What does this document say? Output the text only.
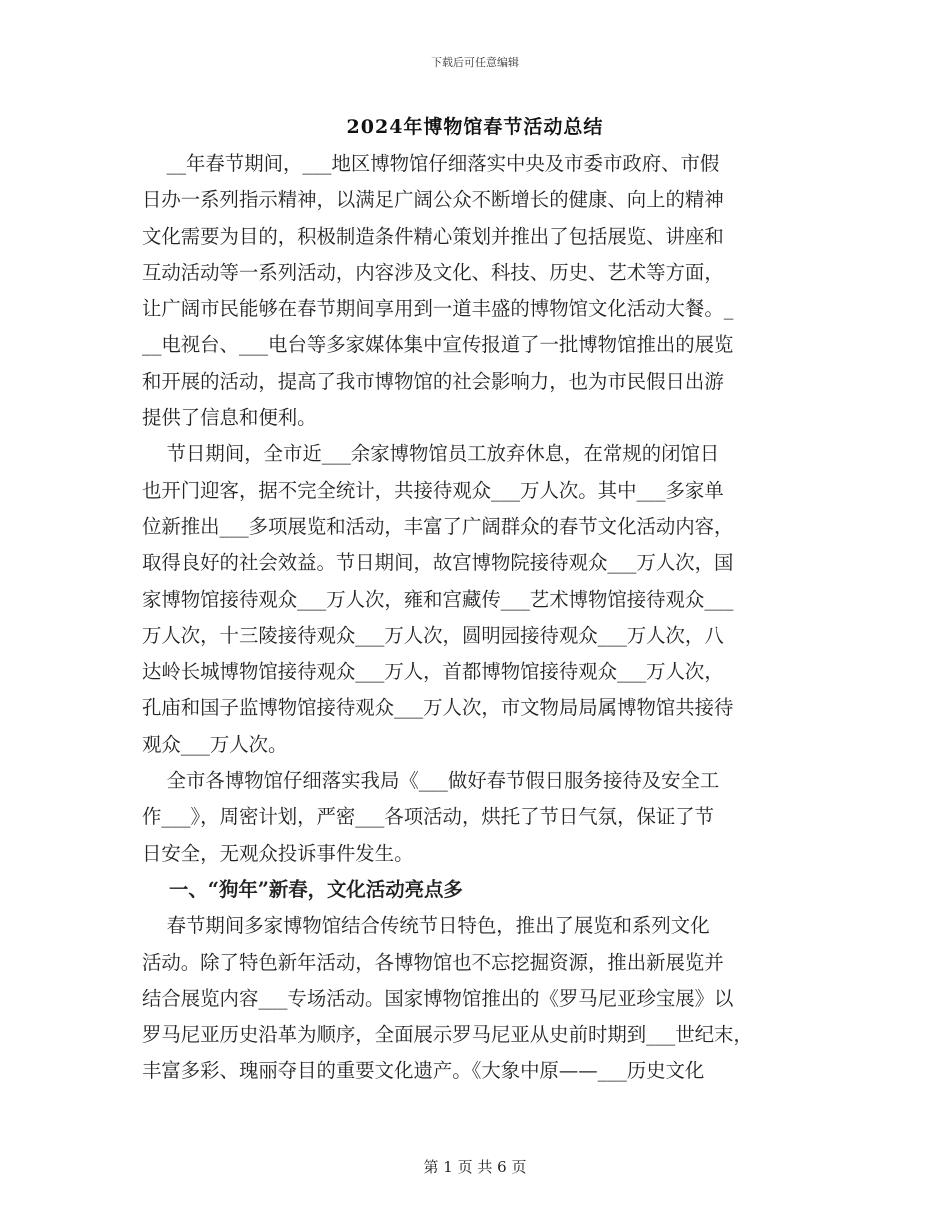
下载后可任意编辑
2024年博物馆春节活动总结
__年春节期间，___地区博物馆仔细落实中央及市委市政府、市假
日办一系列指示精神，以满足广阔公众不断增长的健康、向上的精神
文化需要为目的，积极制造条件精心策划并推出了包括展览、讲座和
互动活动等一系列活动，内容涉及文化、科技、历史、艺术等方面，
让广阔市民能够在春节期间享用到一道丰盛的博物馆文化活动大餐。_
__电视台、___电台等多家媒体集中宣传报道了一批博物馆推出的展览
和开展的活动，提高了我市博物馆的社会影响力，也为市民假日出游
提供了信息和便利。
节日期间，全市近___余家博物馆员工放弃休息，在常规的闭馆日
也开门迎客，据不完全统计，共接待观众___万人次。其中___多家单
位新推出___多项展览和活动，丰富了广阔群众的春节文化活动内容，
取得良好的社会效益。节日期间，故宫博物院接待观众___万人次，国
家博物馆接待观众___万人次，雍和宫藏传___艺术博物馆接待观众___
万人次，十三陵接待观众___万人次，圆明园接待观众___万人次，八
达岭长城博物馆接待观众___万人，首都博物馆接待观众___万人次，
孔庙和国子监博物馆接待观众___万人次，市文物局局属博物馆共接待
观众___万人次。
全市各博物馆仔细落实我局《___做好春节假日服务接待及安全工
作___》，周密计划，严密___各项活动，烘托了节日气氛，保证了节
日安全，无观众投诉事件发生。
一、“狗年”新春，文化活动亮点多
春节期间多家博物馆结合传统节日特色，推出了展览和系列文化
活动。除了特色新年活动，各博物馆也不忘挖掘资源，推出新展览并
结合展览内容___专场活动。国家博物馆推出的《罗马尼亚珍宝展》以
罗马尼亚历史沿革为顺序，全面展示罗马尼亚从史前时期到___世纪末，
丰富多彩、瑰丽夺目的重要文化遗产。《大象中原——___历史文化
第 1 页 共 6 页
